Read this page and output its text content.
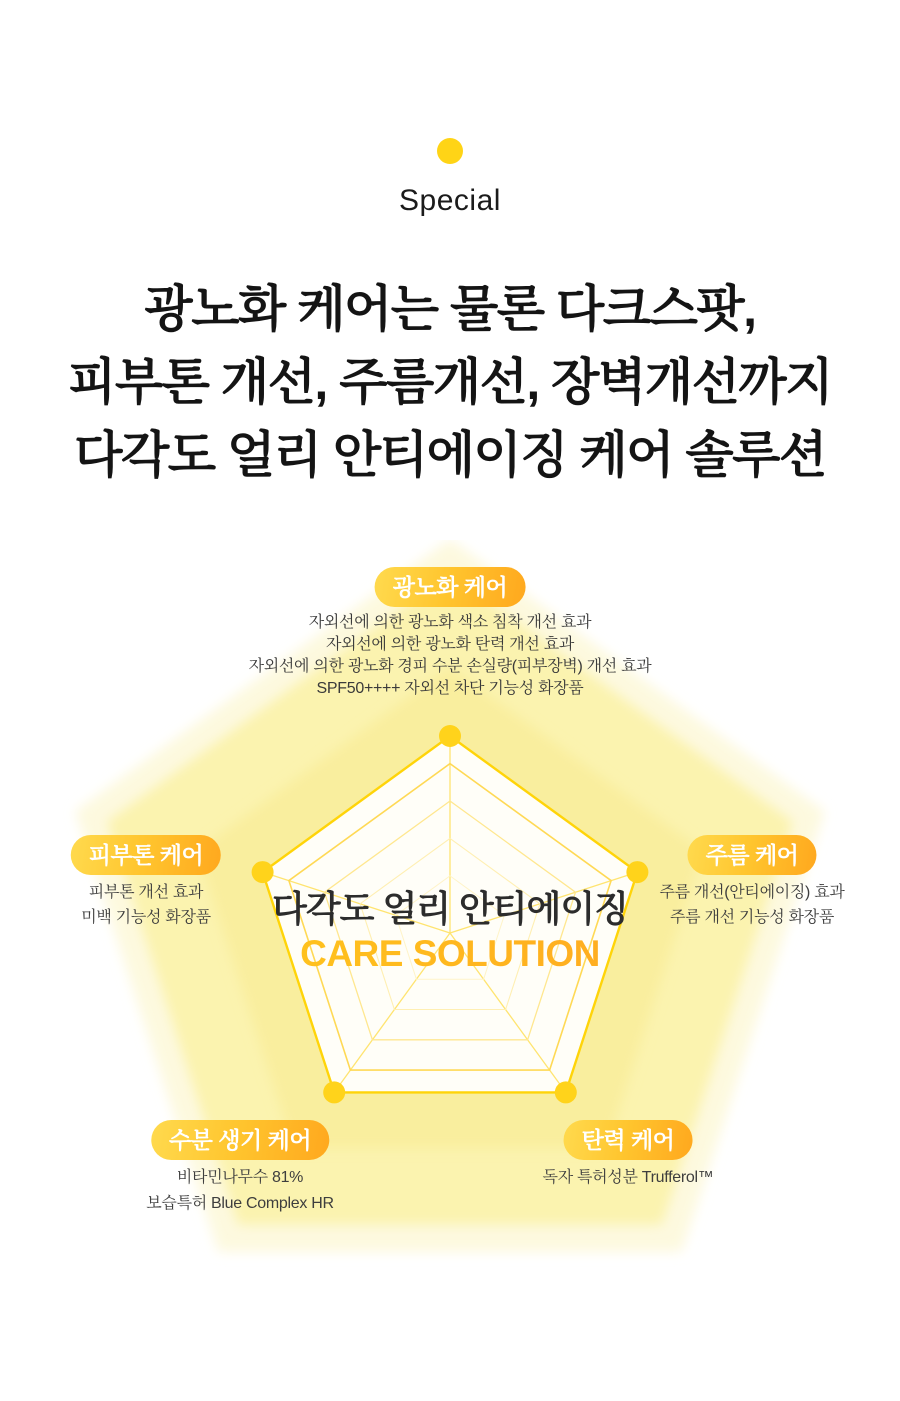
Special
광노화 케어는 물론 다크스팟,
피부톤 개선, 주름개선, 장벽개선까지
다각도 얼리 안티에이징 케어 솔루션
광노화 케어
자외선에 의한 광노화 색소 침착 개선 효과
자외선에 의한 광노화 탄력 개선 효과
자외선에 의한 광노화 경피 수분 손실량(피부장벽) 개선 효과
SPF50++++ 자외선 차단 기능성 화장품
피부톤 케어
피부톤 개선 효과
미백 기능성 화장품
주름 케어
주름 개선(안티에이징) 효과
주름 개선 기능성 화장품
수분 생기 케어
비타민나무수 81%
보습특허 Blue Complex HR
탄력 케어
독자 특허성분 Trufferol™
다각도 얼리 안티에이징
CARE SOLUTION
